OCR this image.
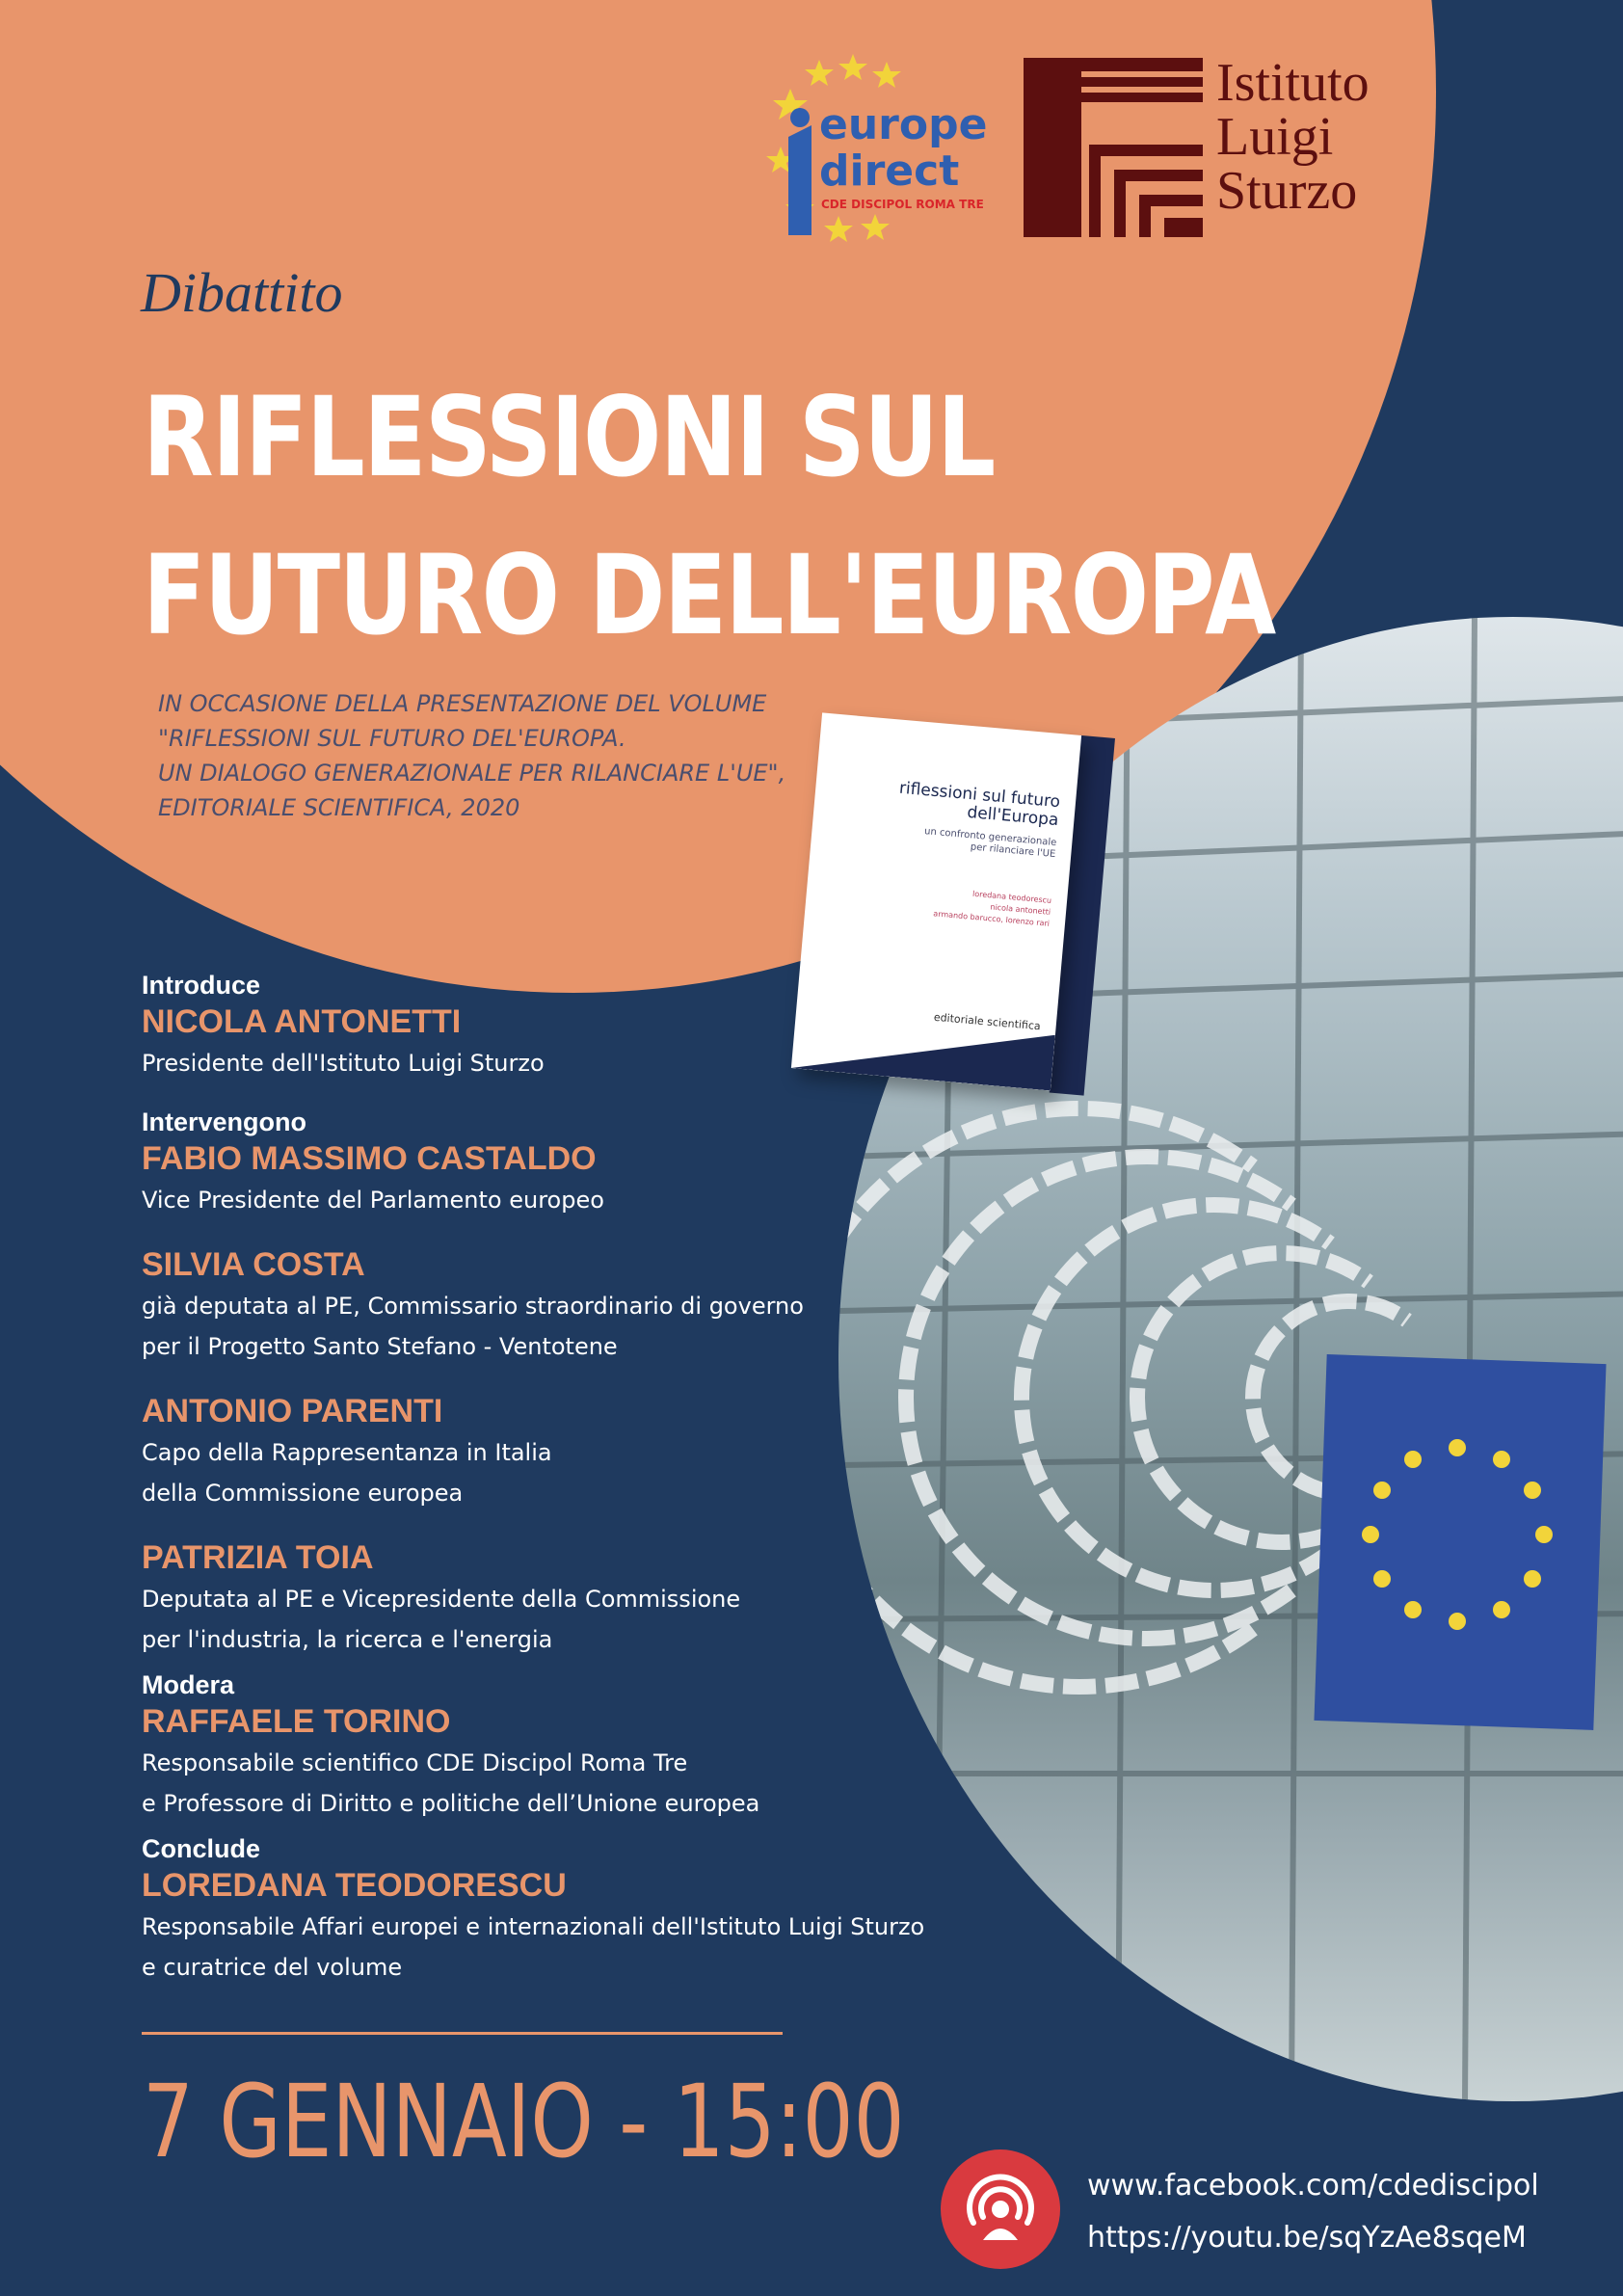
europe
direct
CDE DISCIPOL ROMA TRE
Istituto
Luigi
Sturzo
Dibattito
RIFLESSIONI SUL
FUTURO DELL'EUROPA
IN OCCASIONE DELLA PRESENTAZIONE DEL VOLUME
"RIFLESSIONI SUL FUTURO DEL'EUROPA.
UN DIALOGO GENERAZIONALE PER RILANCIARE L'UE",
EDITORIALE SCIENTIFICA, 2020	riflessioni sul futuro
dell'Europa
un confronto generazionale
per rilanciare l'UE
loredana teodorescu
nicola antonetti
armando barucco, lorenzo rari
editoriale scientifica
Introduce
NICOLA ANTONETTI
Presidente dell'Istituto Luigi Sturzo
Intervengono
FABIO MASSIMO CASTALDO
Vice Presidente del Parlamento europeo
SILVIA COSTA
già deputata al PE, Commissario straordinario di governo
per il Progetto Santo Stefano - Ventotene
ANTONIO PARENTI
Capo della Rappresentanza in Italia
della Commissione europea
PATRIZIA TOIA
Deputata al PE e Vicepresidente della Commissione
per l'industria, la ricerca e l'energia
Modera
RAFFAELE TORINO
Responsabile scientifico CDE Discipol Roma Tre
e Professore di Diritto e politiche dell’Unione europea
Conclude
LOREDANA TEODORESCU
Responsabile Affari europei e internazionali dell'Istituto Luigi Sturzo
e curatrice del volume
7 GENNAIO - 15:00
www.facebook.com/cdediscipol
https://youtu.be/sqYzAe8sqeM
